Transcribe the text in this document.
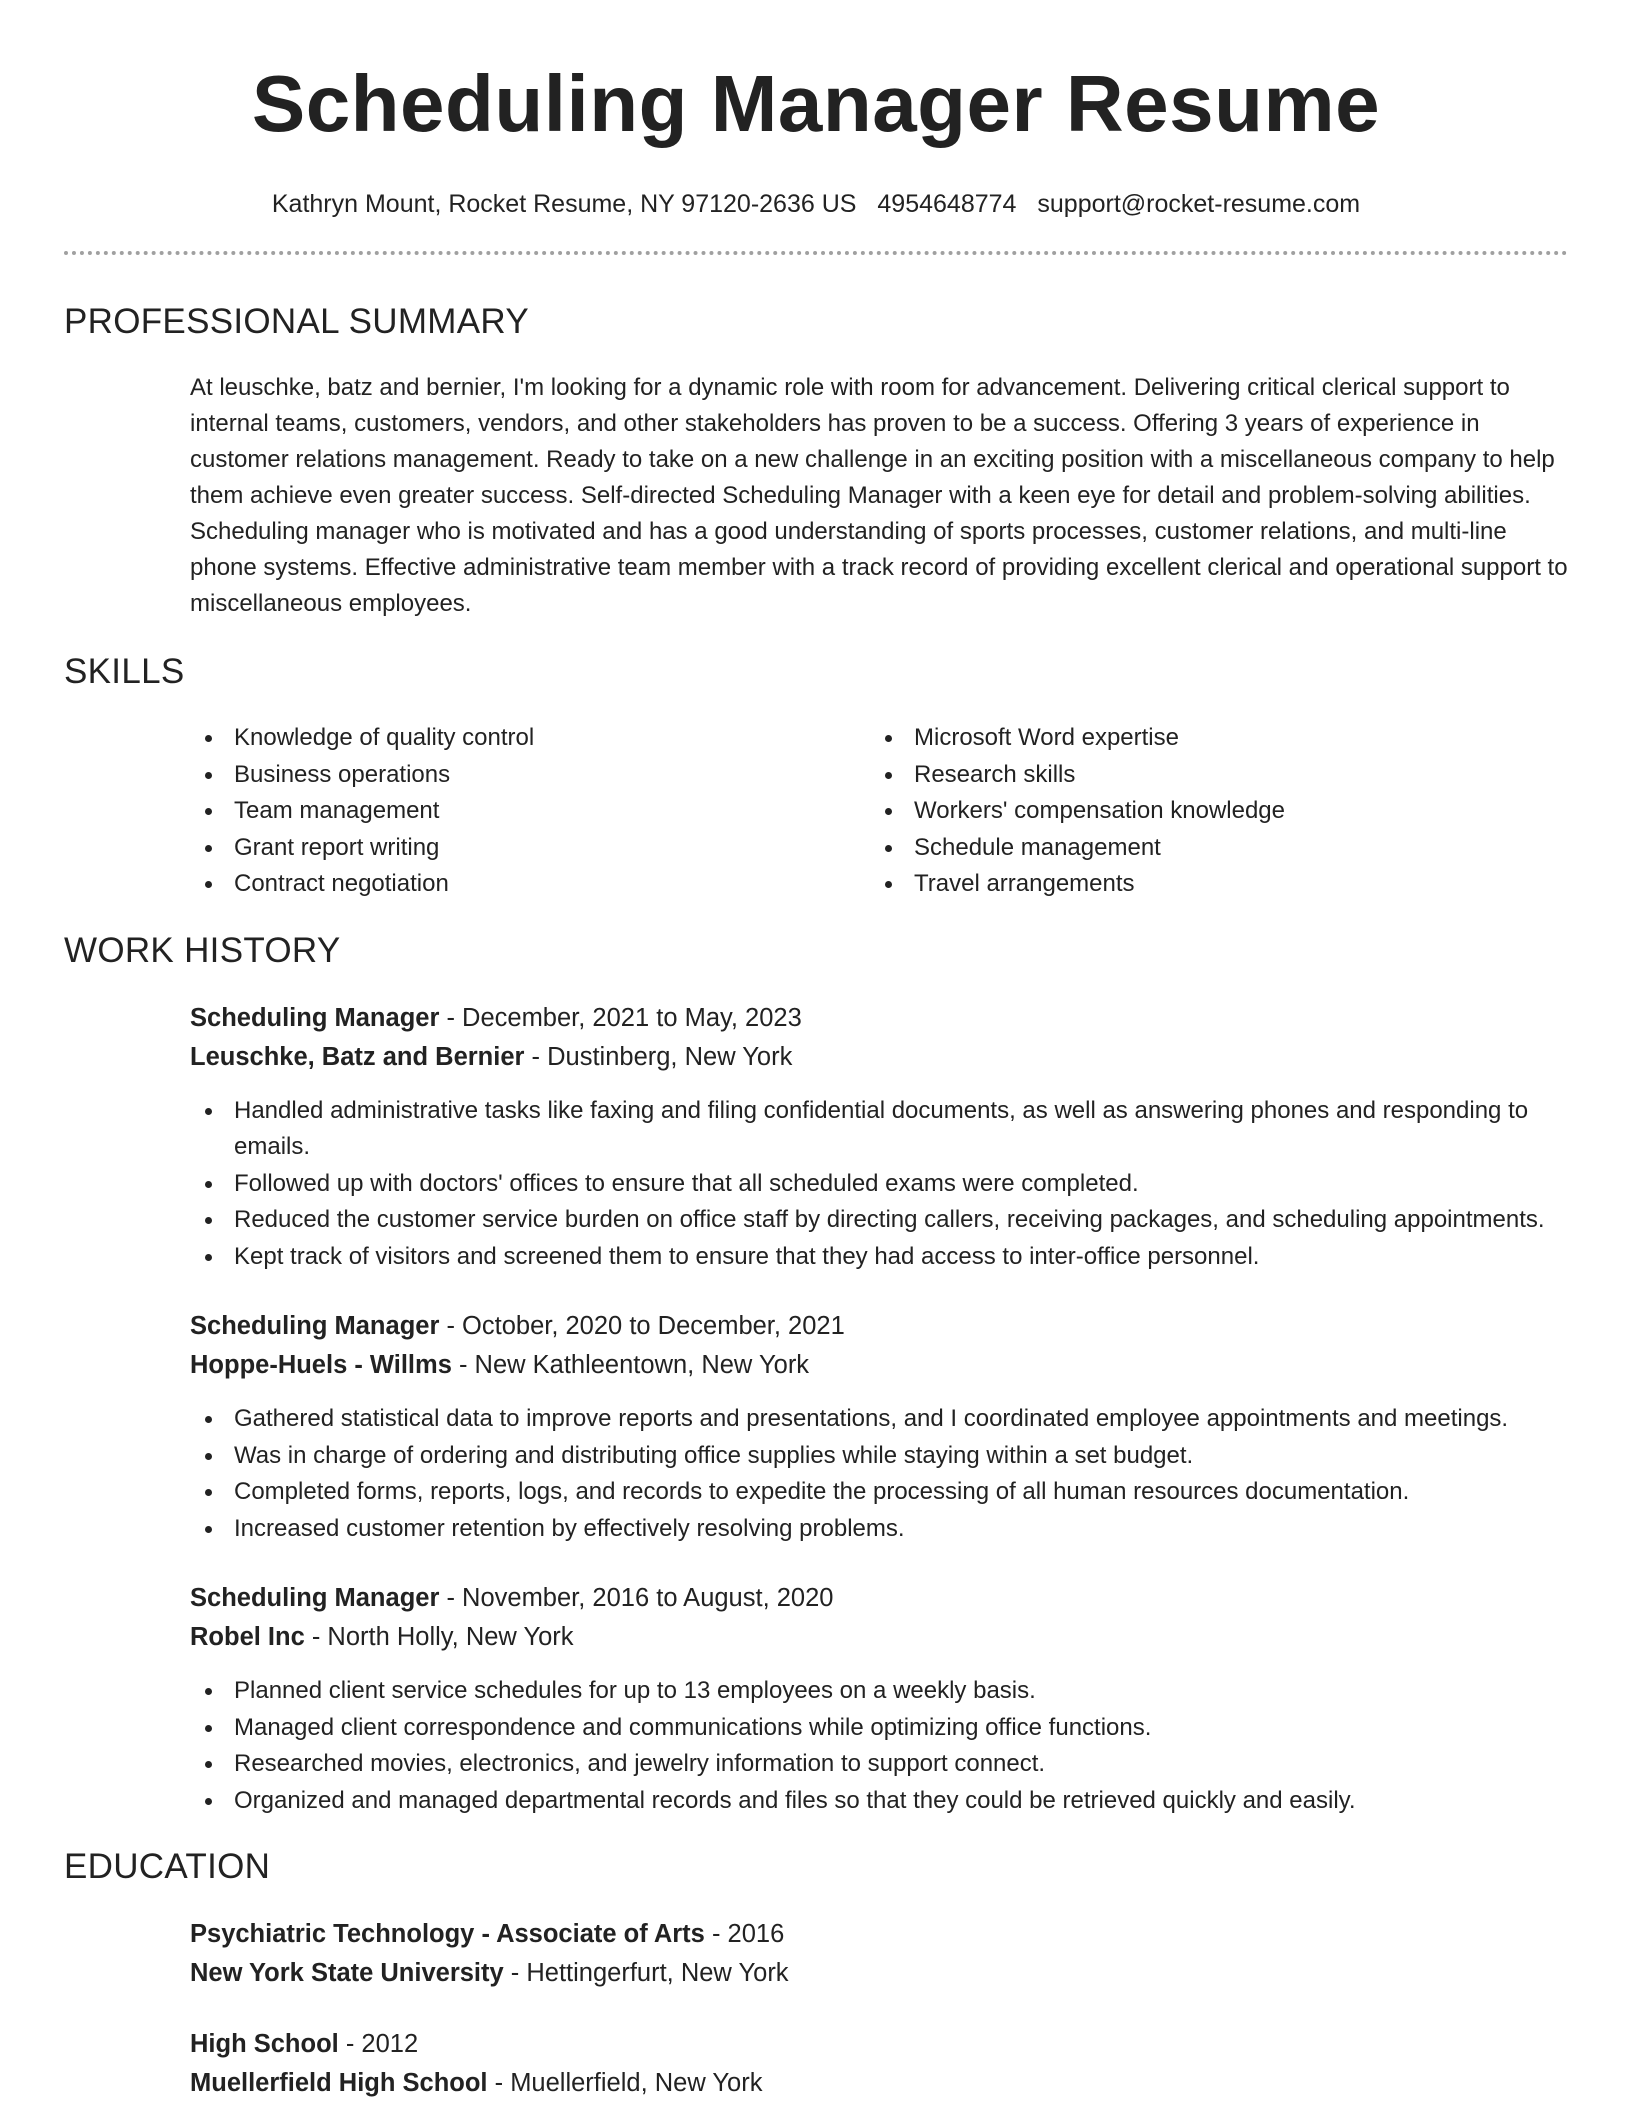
Scheduling Manager Resume
Kathryn Mount, Rocket Resume, NY 97120-2636 US 4954648774 support@rocket-resume.com
PROFESSIONAL SUMMARY
At leuschke, batz and bernier, I'm looking for a dynamic role with room for advancement. Delivering critical clerical support to internal teams, customers, vendors, and other stakeholders has proven to be a success. Offering 3 years of experience in customer relations management. Ready to take on a new challenge in an exciting position with a miscellaneous company to help them achieve even greater success. Self-directed Scheduling Manager with a keen eye for detail and problem-solving abilities. Scheduling manager who is motivated and has a good understanding of sports processes, customer relations, and multi-line phone systems. Effective administrative team member with a track record of providing excellent clerical and operational support to miscellaneous employees.
SKILLS
Knowledge of quality control
Business operations
Team management
Grant report writing
Contract negotiation
Microsoft Word expertise
Research skills
Workers' compensation knowledge
Schedule management
Travel arrangements
WORK HISTORY
Scheduling Manager - December, 2021 to May, 2023
Leuschke, Batz and Bernier - Dustinberg, New York
Handled administrative tasks like faxing and filing confidential documents, as well as answering phones and responding to emails.
Followed up with doctors' offices to ensure that all scheduled exams were completed.
Reduced the customer service burden on office staff by directing callers, receiving packages, and scheduling appointments.
Kept track of visitors and screened them to ensure that they had access to inter-office personnel.
Scheduling Manager - October, 2020 to December, 2021
Hoppe-Huels - Willms - New Kathleentown, New York
Gathered statistical data to improve reports and presentations, and I coordinated employee appointments and meetings.
Was in charge of ordering and distributing office supplies while staying within a set budget.
Completed forms, reports, logs, and records to expedite the processing of all human resources documentation.
Increased customer retention by effectively resolving problems.
Scheduling Manager - November, 2016 to August, 2020
Robel Inc - North Holly, New York
Planned client service schedules for up to 13 employees on a weekly basis.
Managed client correspondence and communications while optimizing office functions.
Researched movies, electronics, and jewelry information to support connect.
Organized and managed departmental records and files so that they could be retrieved quickly and easily.
EDUCATION
Psychiatric Technology - Associate of Arts - 2016
New York State University - Hettingerfurt, New York
High School - 2012
Muellerfield High School - Muellerfield, New York
